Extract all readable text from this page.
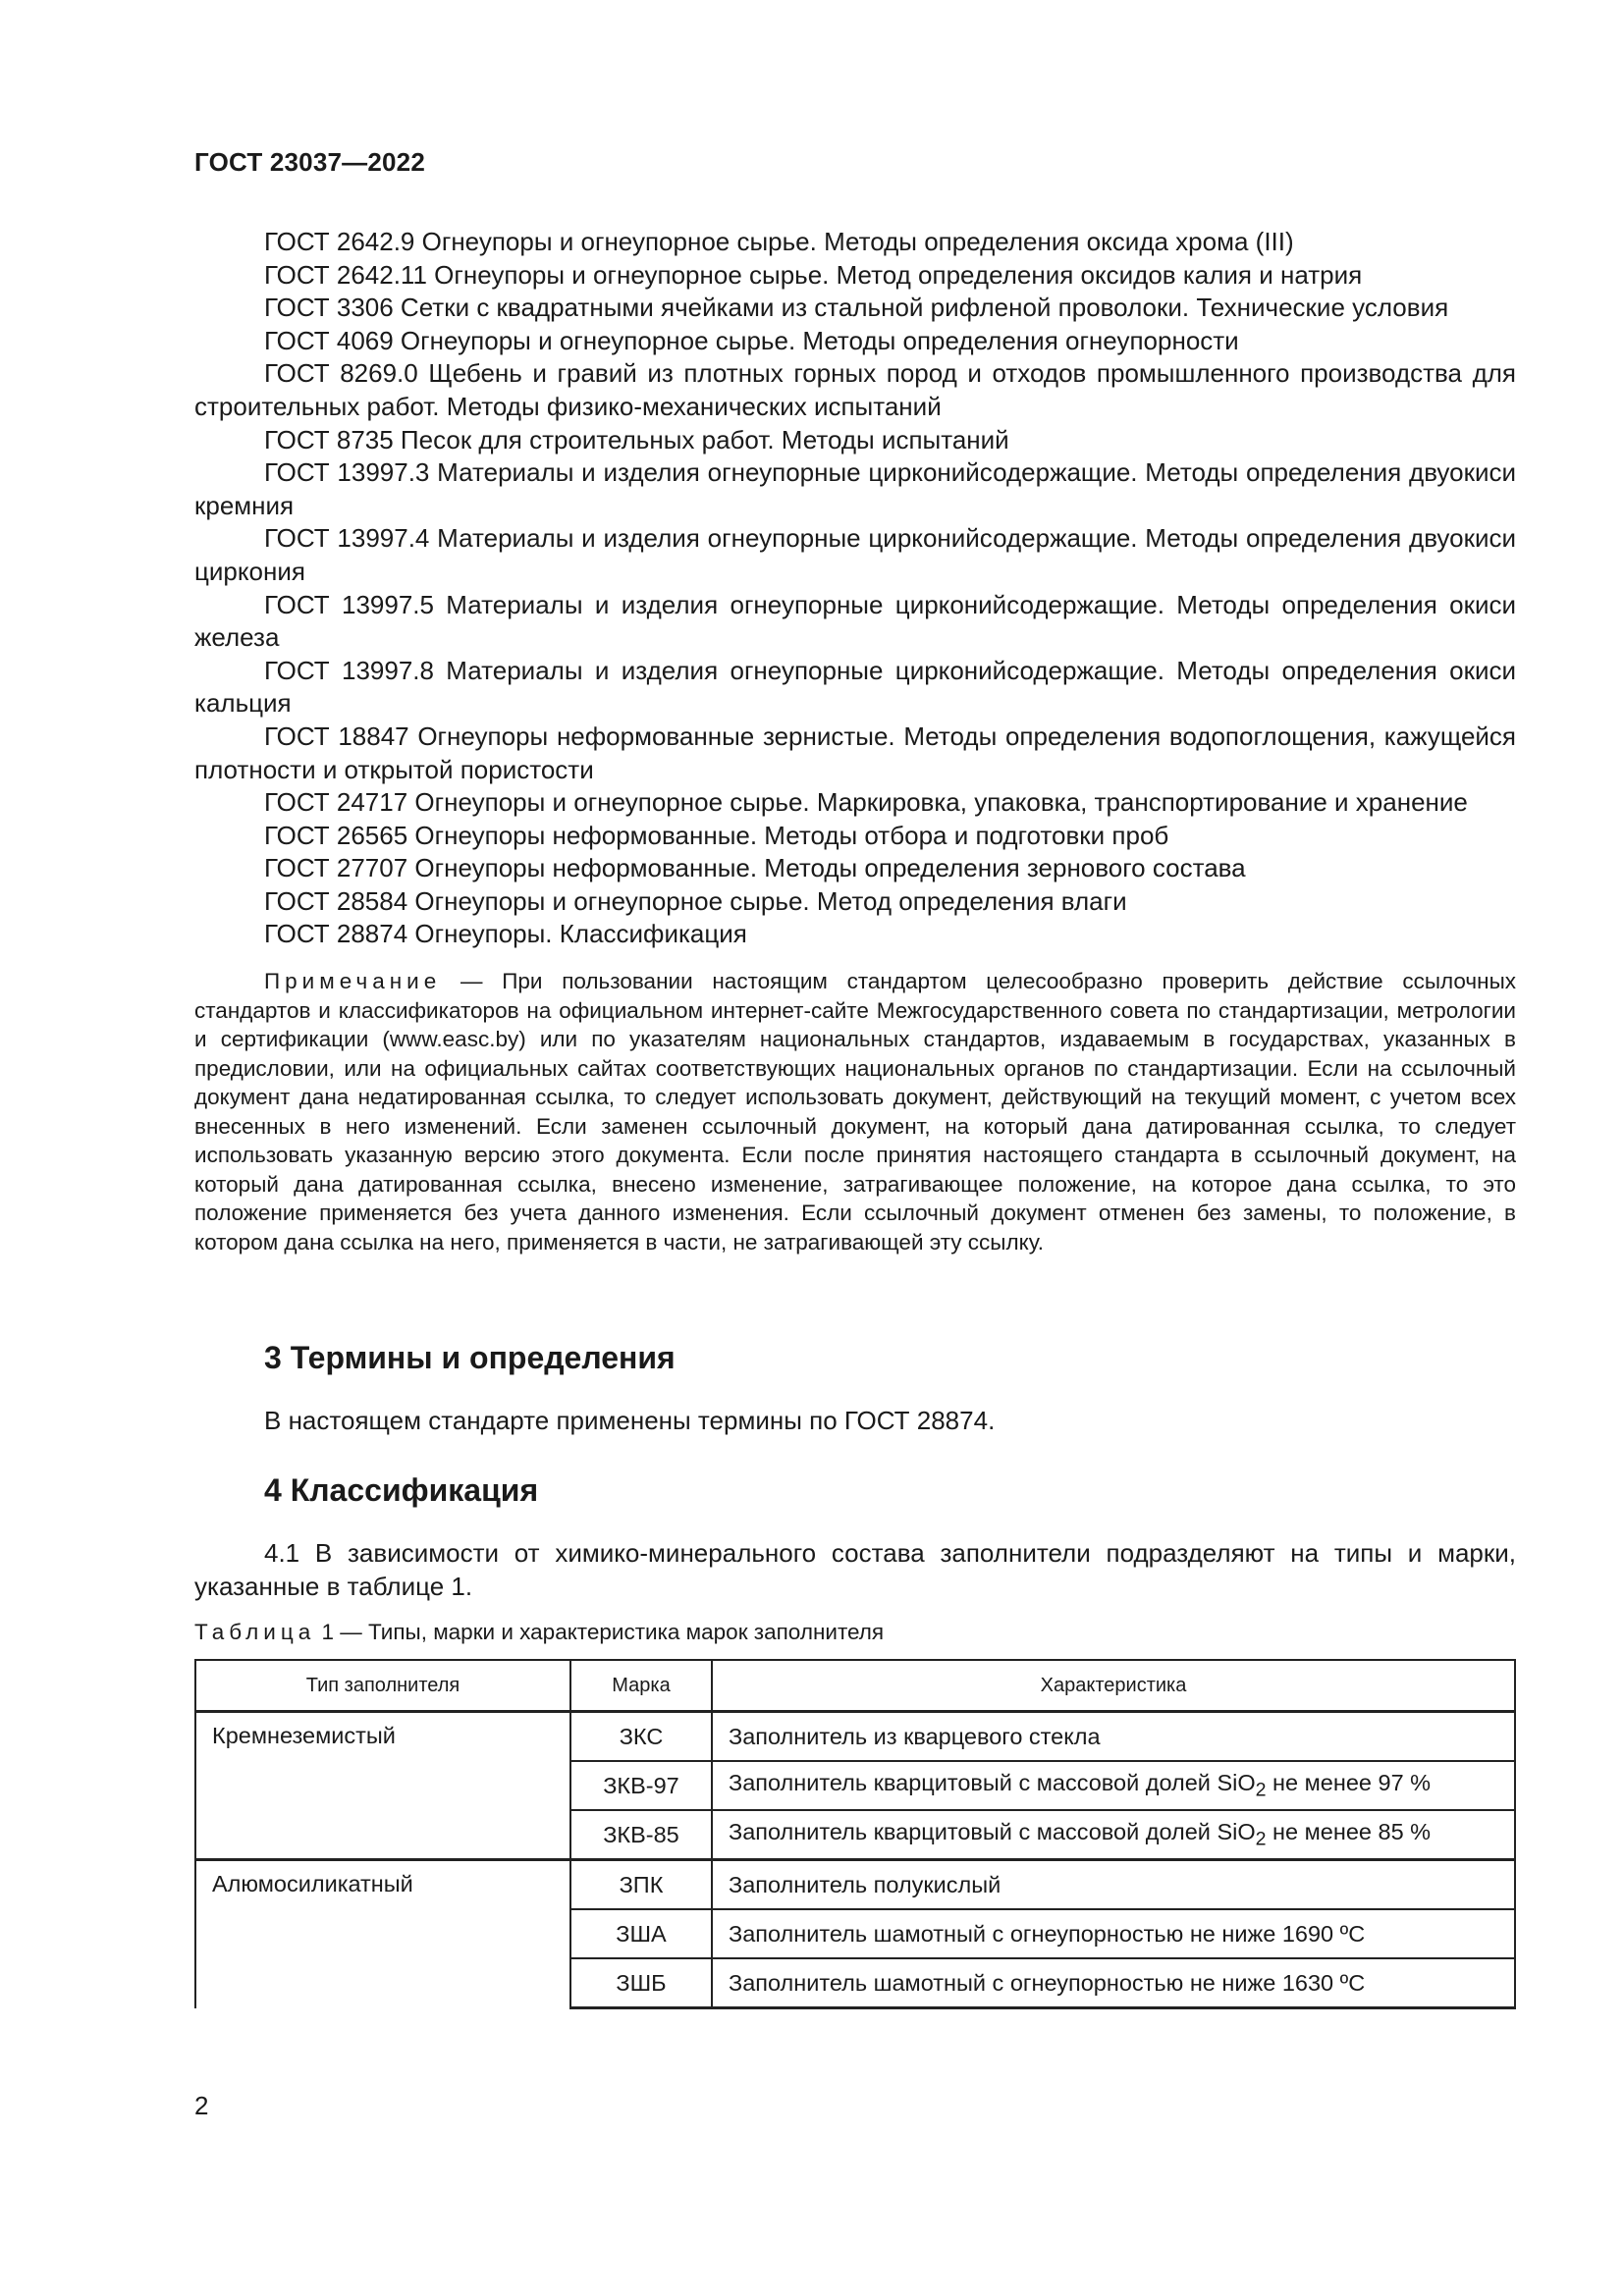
ГОСТ 23037—2022

ГОСТ 2642.9 Огнеупоры и огнеупорное сырье. Методы определения оксида хрома (III)

ГОСТ 2642.11 Огнеупоры и огнеупорное сырье. Метод определения оксидов калия и натрия

ГОСТ 3306 Сетки с квадратными ячейками из стальной рифленой проволоки. Технические условия

ГОСТ 4069 Огнеупоры и огнеупорное сырье. Методы определения огнеупорности

ГОСТ 8269.0 Щебень и гравий из плотных горных пород и отходов промышленного производства для строительных работ. Методы физико-механических испытаний

ГОСТ 8735 Песок для строительных работ. Методы испытаний

ГОСТ 13997.3 Материалы и изделия огнеупорные цирконийсодержащие. Методы определения двуокиси кремния

ГОСТ 13997.4 Материалы и изделия огнеупорные цирконийсодержащие. Методы определения двуокиси циркония

ГОСТ 13997.5 Материалы и изделия огнеупорные цирконийсодержащие. Методы определения окиси железа

ГОСТ 13997.8 Материалы и изделия огнеупорные цирконийсодержащие. Методы определения окиси кальция

ГОСТ 18847 Огнеупоры неформованные зернистые. Методы определения водопоглощения, кажущейся плотности и открытой пористости

ГОСТ 24717 Огнеупоры и огнеупорное сырье. Маркировка, упаковка, транспортирование и хранение

ГОСТ 26565 Огнеупоры неформованные. Методы отбора и подготовки проб

ГОСТ 27707 Огнеупоры неформованные. Методы определения зернового состава

ГОСТ 28584 Огнеупоры и огнеупорное сырье. Метод определения влаги

ГОСТ 28874 Огнеупоры. Классификация

Примечание — При пользовании настоящим стандартом целесообразно проверить действие ссылочных стандартов и классификаторов на официальном интернет-сайте Межгосударственного совета по стандартизации, метрологии и сертификации (www.easc.by) или по указателям национальных стандартов, издаваемым в государствах, указанных в предисловии, или на официальных сайтах соответствующих национальных органов по стандартизации. Если на ссылочный документ дана недатированная ссылка, то следует использовать документ, действующий на текущий момент, с учетом всех внесенных в него изменений. Если заменен ссылочный документ, на который дана датированная ссылка, то следует использовать указанную версию этого документа. Если после принятия настоящего стандарта в ссылочный документ, на который дана датированная ссылка, внесено изменение, затрагивающее положение, на которое дана ссылка, то это положение применяется без учета данного изменения. Если ссылочный документ отменен без замены, то положение, в котором дана ссылка на него, применяется в части, не затрагивающей эту ссылку.

3 Термины и определения

В настоящем стандарте применены термины по ГОСТ 28874.

4 Классификация

4.1 В зависимости от химико-минерального состава заполнители подразделяют на типы и марки, указанные в таблице 1.

Таблица 1 — Типы, марки и характеристика марок заполнителя
Тип заполнителя	Марка	Характеристика
Кремнеземистый	ЗКС	Заполнитель из кварцевого стекла
	ЗКВ-97	Заполнитель кварцитовый с массовой долей SiO$_2$ не менее 97 %
	ЗКВ-85	Заполнитель кварцитовый с массовой долей SiO$_2$ не менее 85 %
Алюмосиликатный	ЗПК	Заполнитель полукислый
	ЗША	Заполнитель шамотный с огнеупорностью не ниже 1690 ºС
	ЗШБ	Заполнитель шамотный с огнеупорностью не ниже 1630 ºС
2
